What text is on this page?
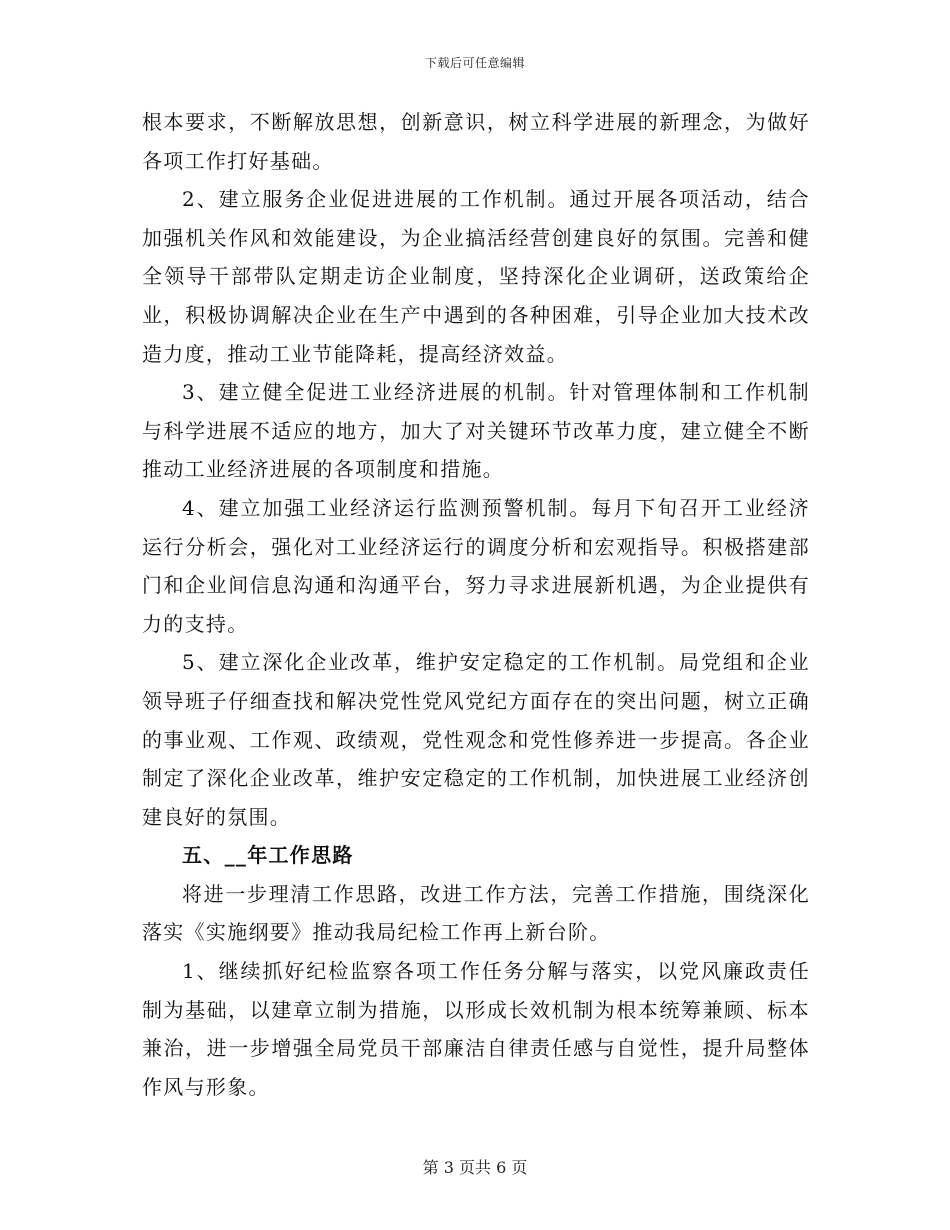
下载后可任意编辑

根本要求，不断解放思想，创新意识，树立科学进展的新理念，为做好各项工作打好基础。

2、建立服务企业促进进展的工作机制。通过开展各项活动，结合加强机关作风和效能建设，为企业搞活经营创建良好的氛围。完善和健全领导干部带队定期走访企业制度，坚持深化企业调研，送政策给企业，积极协调解决企业在生产中遇到的各种困难，引导企业加大技术改造力度，推动工业节能降耗，提高经济效益。

3、建立健全促进工业经济进展的机制。针对管理体制和工作机制与科学进展不适应的地方，加大了对关键环节改革力度，建立健全不断推动工业经济进展的各项制度和措施。

4、建立加强工业经济运行监测预警机制。每月下旬召开工业经济运行分析会，强化对工业经济运行的调度分析和宏观指导。积极搭建部门和企业间信息沟通和沟通平台，努力寻求进展新机遇，为企业提供有力的支持。

5、建立深化企业改革，维护安定稳定的工作机制。局党组和企业领导班子仔细查找和解决党性党风党纪方面存在的突出问题，树立正确的事业观、工作观、政绩观，党性观念和党性修养进一步提高。各企业制定了深化企业改革，维护安定稳定的工作机制，加快进展工业经济创建良好的氛围。

五、__年工作思路

将进一步理清工作思路，改进工作方法，完善工作措施，围绕深化落实《实施纲要》推动我局纪检工作再上新台阶。

1、继续抓好纪检监察各项工作任务分解与落实，以党风廉政责任制为基础，以建章立制为措施，以形成长效机制为根本统筹兼顾、标本兼治，进一步增强全局党员干部廉洁自律责任感与自觉性，提升局整体作风与形象。

第 3 页共 6 页
